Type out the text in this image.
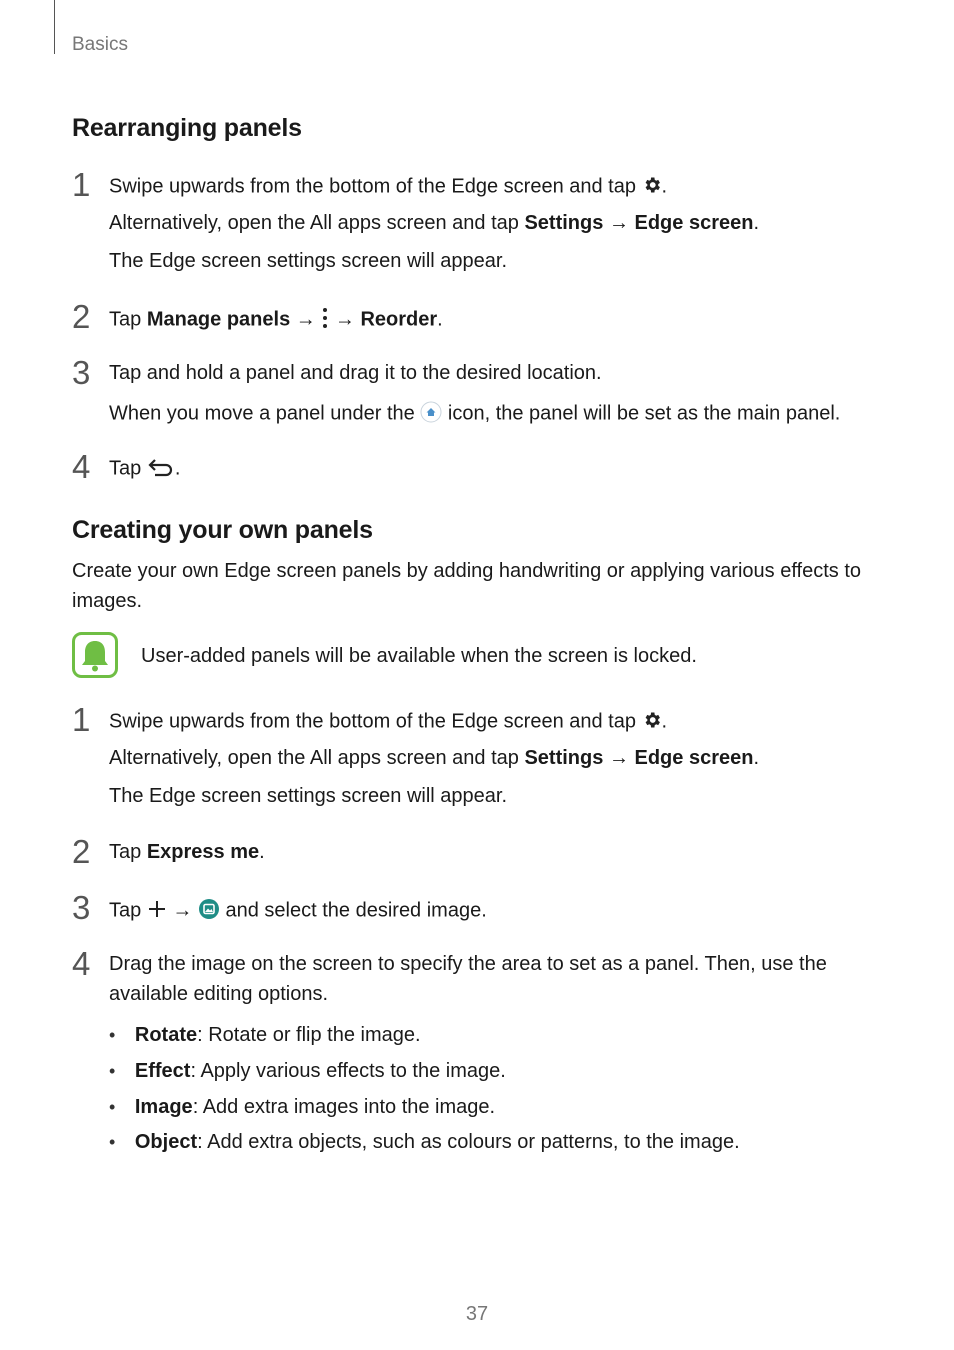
Basics
Rearranging panels
1 Swipe upwards from the bottom of the Edge screen and tap .
Alternatively, open the All apps screen and tap Settings → Edge screen.
The Edge screen settings screen will appear.
2 Tap Manage panels → → Reorder.
3 Tap and hold a panel and drag it to the desired location.
When you move a panel under the icon, the panel will be set as the main panel.
4 Tap .
Creating your own panels
Create your own Edge screen panels by adding handwriting or applying various effects to images.
User-added panels will be available when the screen is locked.
1 Swipe upwards from the bottom of the Edge screen and tap .
Alternatively, open the All apps screen and tap Settings → Edge screen.
The Edge screen settings screen will appear.
2 Tap Express me.
3 Tap → and select the desired image.
4 Drag the image on the screen to specify the area to set as a panel. Then, use the available editing options.
• Rotate: Rotate or flip the image.
• Effect: Apply various effects to the image.
• Image: Add extra images into the image.
• Object: Add extra objects, such as colours or patterns, to the image.
37
